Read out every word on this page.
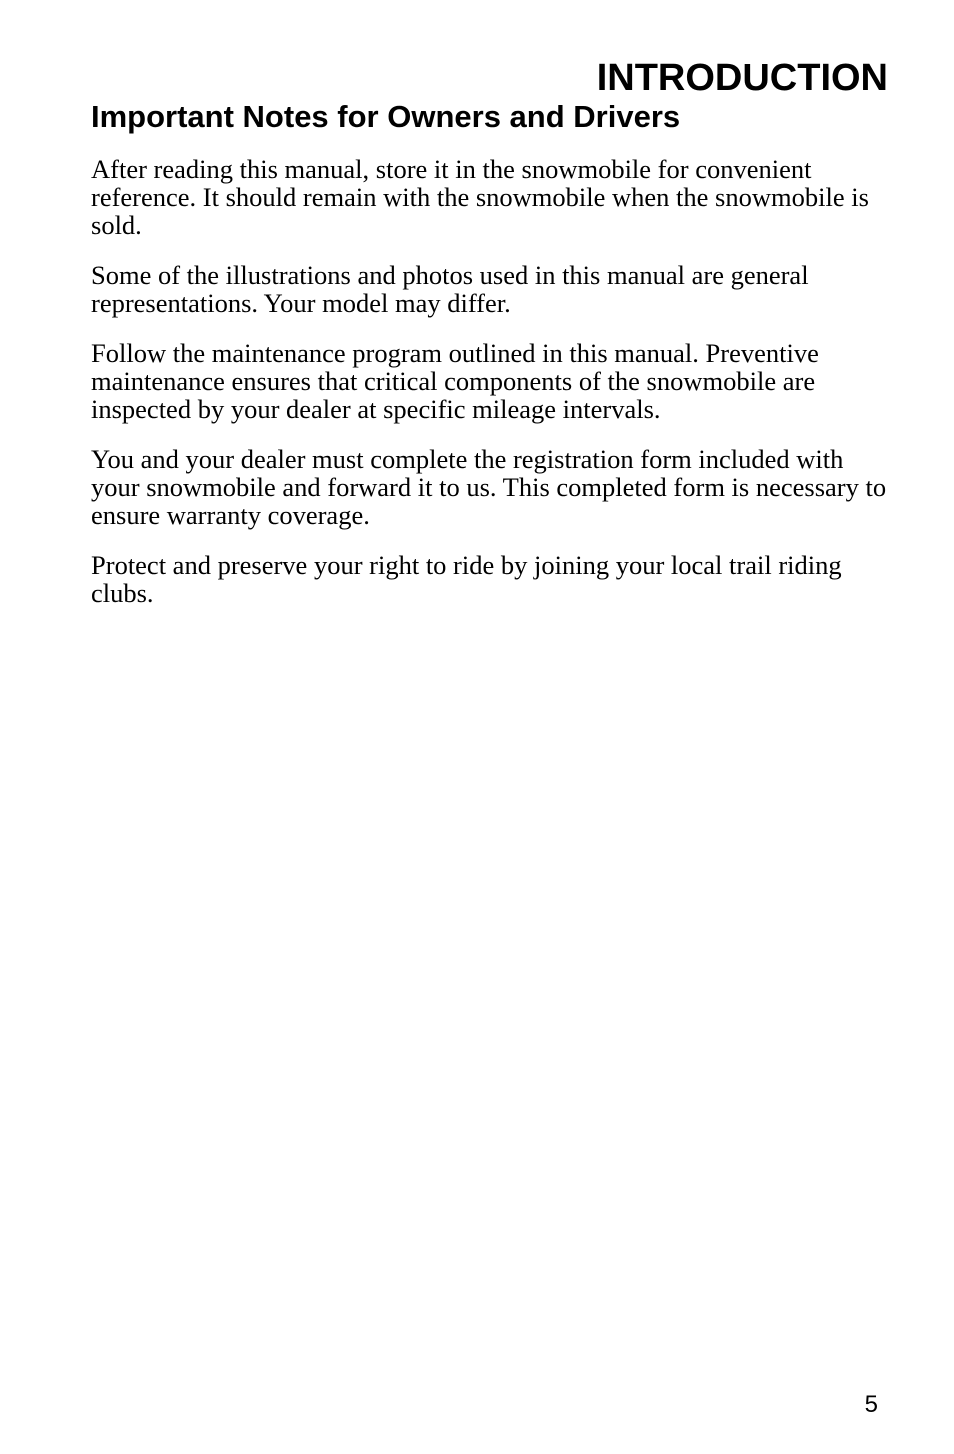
INTRODUCTION
Important Notes for Owners and Drivers

After reading this manual, store it in the snowmobile for convenient reference. It should remain with the snowmobile when the snowmobile is sold.

Some of the illustrations and photos used in this manual are general representations. Your model may differ.

Follow the maintenance program outlined in this manual. Preventive maintenance ensures that critical components of the snowmobile are inspected by your dealer at specific mileage intervals.

You and your dealer must complete the registration form included with your snowmobile and forward it to us. This completed form is necessary to ensure warranty coverage.

Protect and preserve your right to ride by joining your local trail riding clubs.

5
